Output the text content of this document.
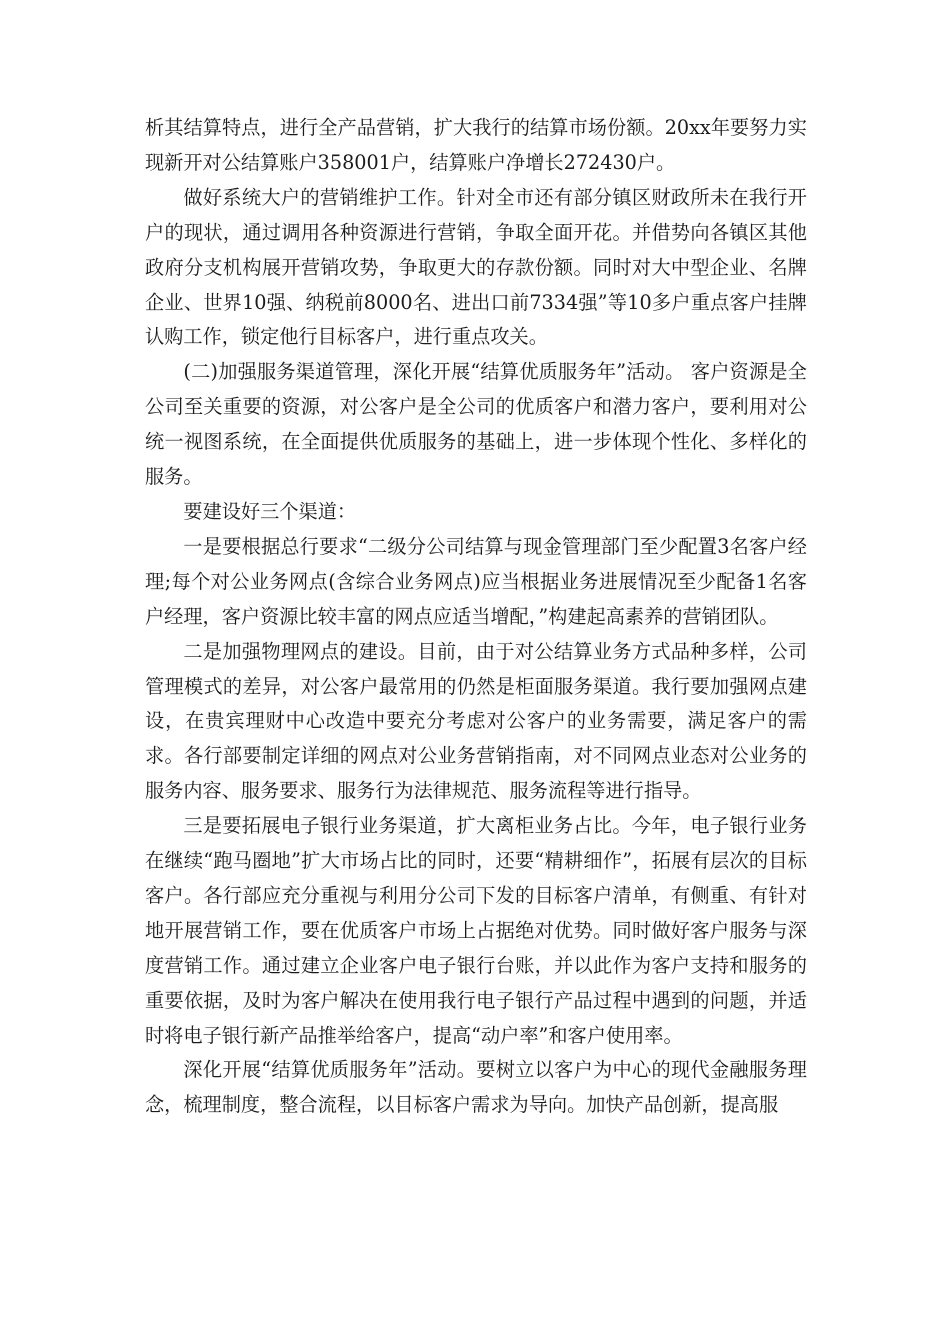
析其结算特点，进行全产品营销，扩大我行的结算市场份额。20xx年要努力实现新开对公结算账户358001户，结算账户净增长272430户。

做好系统大户的营销维护工作。针对全市还有部分镇区财政所未在我行开户的现状，通过调用各种资源进行营销，争取全面开花。并借势向各镇区其他政府分支机构展开营销攻势，争取更大的存款份额。同时对大中型企业、名牌企业、世界10强、纳税前8000名、进出口前7334强”等10多户重点客户挂牌认购工作，锁定他行目标客户，进行重点攻关。

(二)加强服务渠道管理，深化开展“结算优质服务年”活动。 客户资源是全公司至关重要的资源，对公客户是全公司的优质客户和潜力客户，要利用对公统一视图系统，在全面提供优质服务的基础上，进一步体现个性化、多样化的服务。

要建设好三个渠道：

一是要根据总行要求“二级分公司结算与现金管理部门至少配置3名客户经理;每个对公业务网点(含综合业务网点)应当根据业务进展情况至少配备1名客户经理，客户资源比较丰富的网点应适当增配，”构建起高素养的营销团队。

二是加强物理网点的建设。目前，由于对公结算业务方式品种多样，公司管理模式的差异，对公客户最常用的仍然是柜面服务渠道。我行要加强网点建设，在贵宾理财中心改造中要充分考虑对公客户的业务需要，满足客户的需求。各行部要制定详细的网点对公业务营销指南，对不同网点业态对公业务的服务内容、服务要求、服务行为法律规范、服务流程等进行指导。

三是要拓展电子银行业务渠道，扩大离柜业务占比。今年，电子银行业务在继续“跑马圈地”扩大市场占比的同时，还要“精耕细作”，拓展有层次的目标客户。各行部应充分重视与利用分公司下发的目标客户清单，有侧重、有针对地开展营销工作，要在优质客户市场上占据绝对优势。同时做好客户服务与深度营销工作。通过建立企业客户电子银行台账，并以此作为客户支持和服务的重要依据，及时为客户解决在使用我行电子银行产品过程中遇到的问题，并适时将电子银行新产品推举给客户，提高“动户率”和客户使用率。

深化开展“结算优质服务年”活动。要树立以客户为中心的现代金融服务理念，梳理制度，整合流程，以目标客户需求为导向。加快产品创新，提高服
